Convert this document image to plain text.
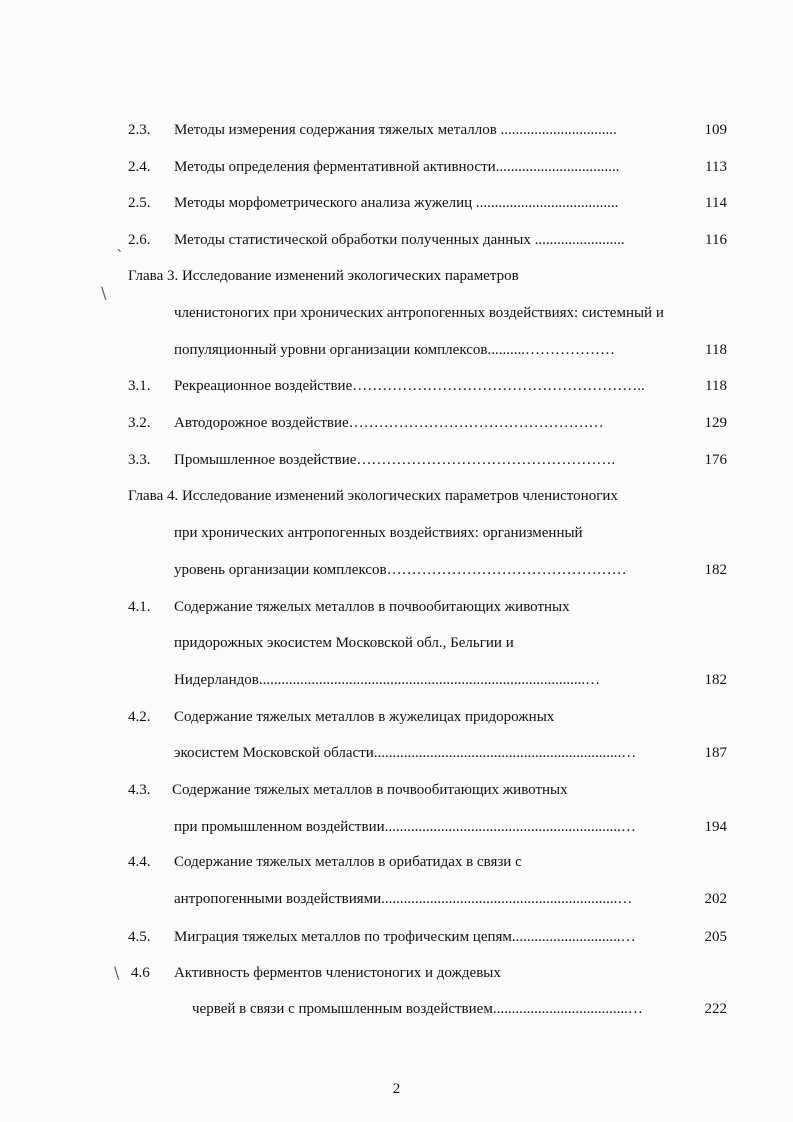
2.3. Методы измерения содержания тяжелых металлов ...............................	109
2.4. Методы определения ферментативной активности.................................	113
2.5. Методы морфометрического анализа жужелиц ......................................	114
ˎ 2.6. Методы статистической обработки полученных данных ........................	116
Глава 3. Исследование изменений экологических параметров
\
членистоногих при хронических антропогенных воздействиях: системный и
популяционный уровни организации комплексов..........………………	118
3.1. Рекреационное воздействие…………………………………………………..	118
3.2. Автодорожное воздействие……………………………………………	129
3.3. Промышленное воздействие…………………………………………….	176
Глава 4. Исследование изменений экологических параметров членистоногих
при хронических антропогенных воздействиях: организменный
уровень организации комплексов…………………………………………	182
4.1. Содержание тяжелых металлов в почвообитающих животных
придорожных экосистем Московской обл., Бельгии и
Нидерландов.......................................................................................…	182
4.2. Содержание тяжелых металлов в жужелицах придорожных
экосистем Московской области..................................................................…	187
4.3. Содержание тяжелых металлов в почвообитающих животных
при промышленном воздействии...............................................................…	194
4.4. Содержание тяжелых металлов в орибатидах в связи с
антропогенными воздействиями...............................................................…	202
4.5. Миграция тяжелых металлов по трофическим цепям.............................…	205
\ 4.6 Активность ферментов членистоногих и дождевых
червей в связи с промышленным воздействием....................................…	222
2
